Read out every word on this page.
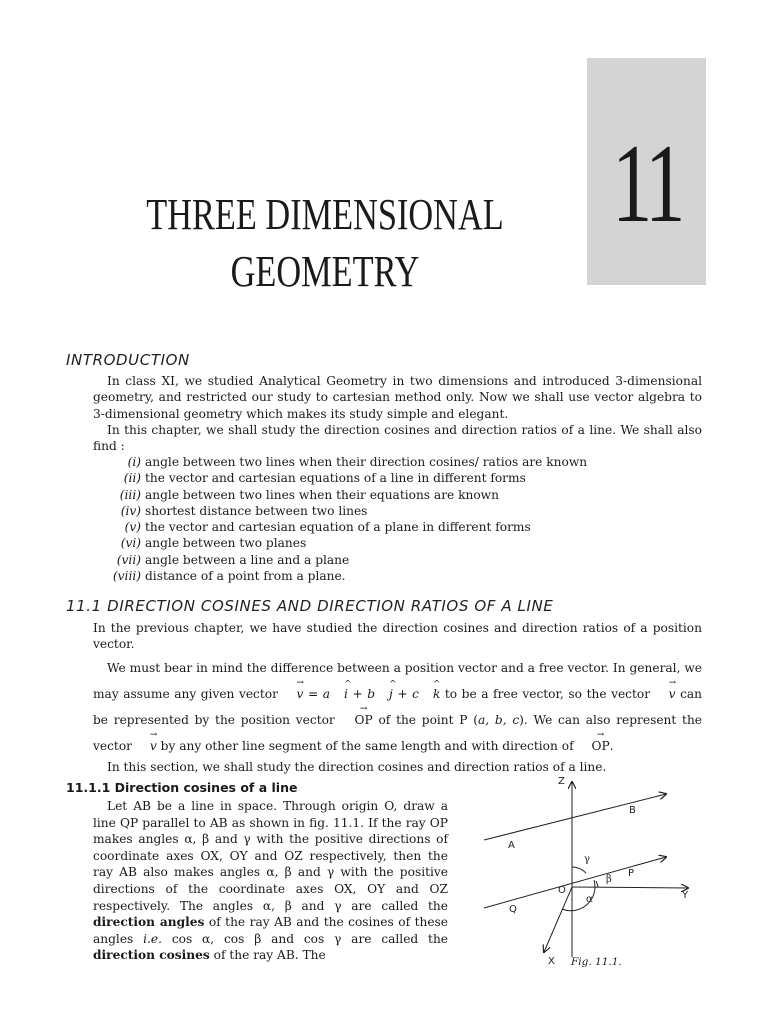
11
THREE DIMENSIONAL
GEOMETRY
INTRODUCTION

In class XI, we studied Analytical Geometry in two dimensions and introduced 3-dimensional geometry, and restricted our study to cartesian method only. Now we shall use vector algebra to 3-dimensional geometry which makes its study simple and elegant.

In this chapter, we shall study the direction cosines and direction ratios of a line. We shall also find :

(i) angle between two lines when their direction cosines/ ratios are known
(ii) the vector and cartesian equations of a line in different forms
(iii) angle between two lines when their equations are known
(iv) shortest distance between two lines
(v) the vector and cartesian equation of a plane in different forms
(vi) angle between two planes
(vii) angle between a line and a plane
(viii) distance of a point from a plane.
11.1 DIRECTION COSINES AND DIRECTION RATIOS OF A LINE

In the previous chapter, we have studied the direction cosines and direction ratios of a position vector.

We must bear in mind the difference between a position vector and a free vector. In general, we may assume any given vector → v = a ^ i + b ^ j + c ^ k to be a free vector, so the vector → v can be represented by the position vector → OP of the point P (a, b, c). We can also represent the vector → v by any other line segment of the same length and with direction of → OP.

In this section, we shall study the direction cosines and direction ratios of a line.

11.1.1 Direction cosines of a line

Let AB be a line in space. Through origin O, draw a line QP parallel to AB as shown in fig. 11.1. If the ray OP makes angles α, β and γ with the positive directions of coordinate axes OX, OY and OZ respectively, then the ray AB also makes angles α, β and γ with the positive directions of the coordinate axes OX, OY and OZ respectively. The angles α, β and γ are called the direction angles of the ray AB and the cosines of these angles i.e. cos α, cos β and cos γ are called the direction cosines of the ray AB. The

Z
B
A
γ
β
P
O	Y
α
Q
X Fig. 11.1.
